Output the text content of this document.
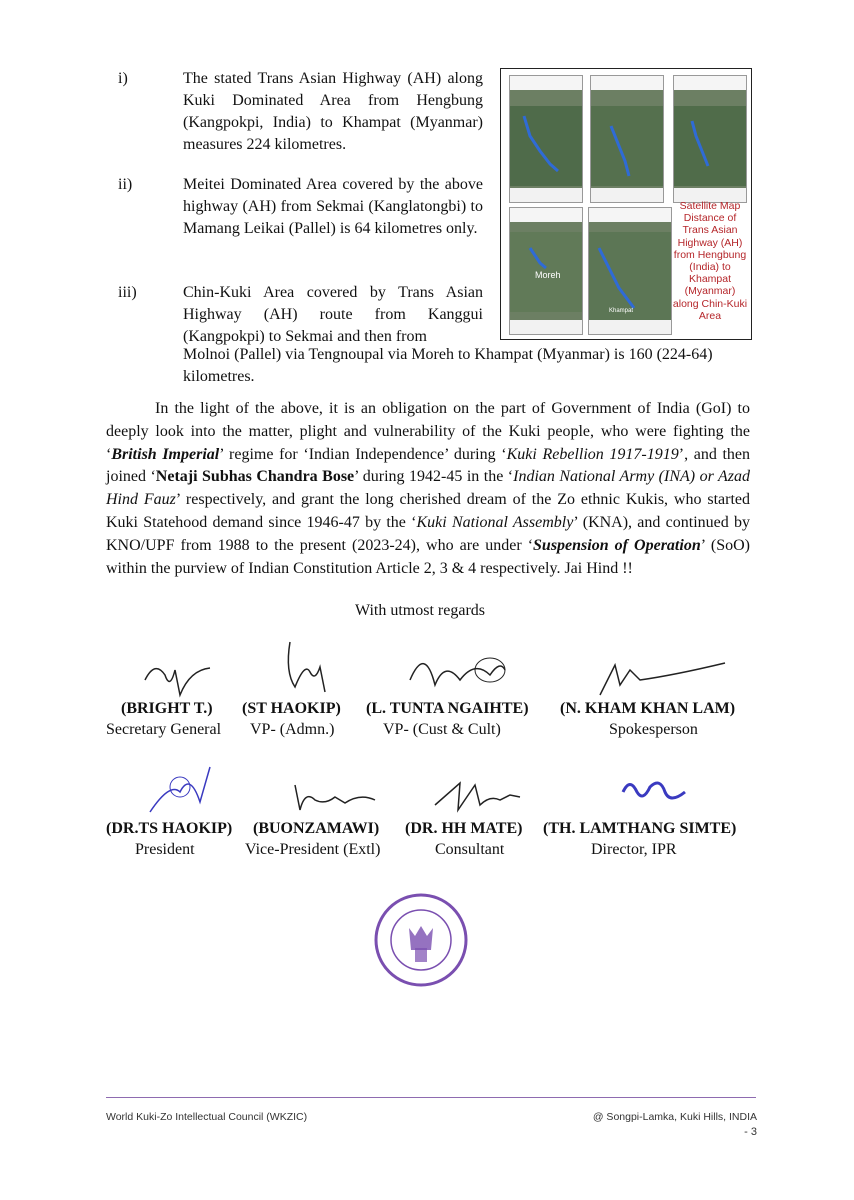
i)	The stated Trans Asian Highway (AH) along Kuki Dominated Area from Hengbung (Kangpokpi, India) to Khampat (Myanmar) measures 224 kilometres.
ii)	Meitei Dominated Area covered by the above highway (AH) from Sekmai (Kanglatongbi) to Mamang Leikai (Pallel) is 64 kilometres only.
iii)	Chin-Kuki Area covered by Trans Asian Highway (AH) route from Kanggui (Kangpokpi) to Sekmai and then from
Molnoi (Pallel) via Tengnoupal via Moreh to Khampat (Myanmar) is 160 (224-64) kilometres.
Moreh
Khampat
Satellite Map Distance of Trans Asian Highway (AH) from Hengbung (India) to Khampat (Myanmar) along Chin-Kuki Area
In the light of the above, it is an obligation on the part of Government of India (GoI) to deeply look into the matter, plight and vulnerability of the Kuki people, who were fighting the ‘British Imperial’ regime for ‘Indian Independence’ during ‘Kuki Rebellion 1917-1919’, and then joined ‘Netaji Subhas Chandra Bose’ during 1942-45 in the ‘Indian National Army (INA) or Azad Hind Fauz’ respectively, and grant the long cherished dream of the Zo ethnic Kukis, who started Kuki Statehood demand since 1946-47 by the ‘Kuki National Assembly’ (KNA), and continued by KNO/UPF from 1988 to the present (2023-24), who are under ‘Suspension of Operation’ (SoO) within the purview of Indian Constitution Article 2, 3 & 4 respectively. Jai Hind !!
With utmost regards
(BRIGHT T.)
Secretary General
(ST HAOKIP)
VP- (Admn.)
(L. TUNTA NGAIHTE)
VP- (Cust & Cult)
(N. KHAM KHAN LAM)
Spokesperson
(DR.TS HAOKIP)
President
(BUONZAMAWI)
Vice-President (Extl)
(DR. HH MATE)
Consultant
(TH. LAMTHANG SIMTE)
Director, IPR
World Kuki-Zo Intellectual Council (WKZIC)	@ Songpi-Lamka, Kuki Hills, INDIA
- 3
